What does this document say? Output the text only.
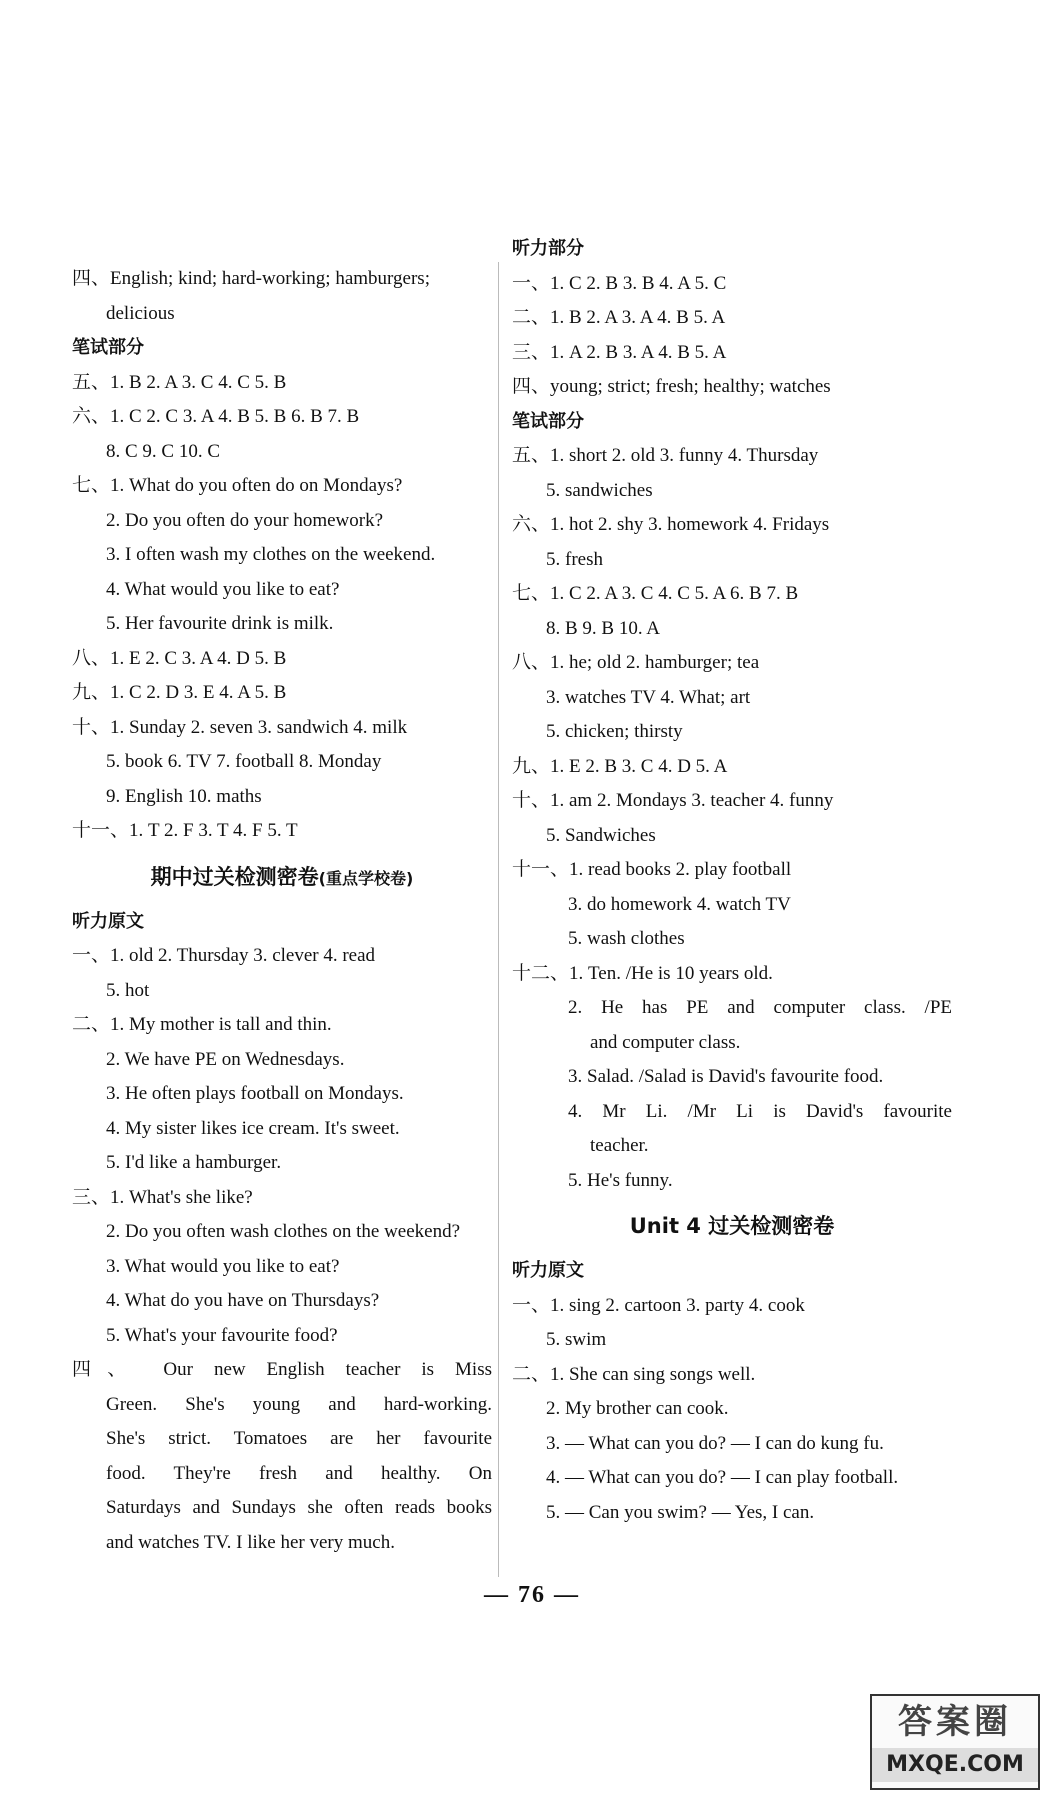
四、English; kind; hard-working; hamburgers;
delicious
笔试部分
五、1. B 2. A 3. C 4. C 5. B
六、1. C 2. C 3. A 4. B 5. B 6. B 7. B
8. C 9. C 10. C
七、1. What do you often do on Mondays?
2. Do you often do your homework?
3. I often wash my clothes on the weekend.
4. What would you like to eat?
5. Her favourite drink is milk.
八、1. E 2. C 3. A 4. D 5. B
九、1. C 2. D 3. E 4. A 5. B
十、1. Sunday 2. seven 3. sandwich 4. milk
5. book 6. TV 7. football 8. Monday
9. English 10. maths
十一、1. T 2. F 3. T 4. F 5. T
期中过关检测密卷(重点学校卷)
听力原文
一、1. old 2. Thursday 3. clever 4. read
5. hot
二、1. My mother is tall and thin.
2. We have PE on Wednesdays.
3. He often plays football on Mondays.
4. My sister likes ice cream. It's sweet.
5. I'd like a hamburger.
三、1. What's she like?
2. Do you often wash clothes on the weekend?
3. What would you like to eat?
4. What do you have on Thursdays?
5. What's your favourite food?
四、 Our new English teacher is Miss
Green. She's young and hard-working.
She's strict. Tomatoes are her favourite
food. They're fresh and healthy. On
Saturdays and Sundays she often reads books
and watches TV. I like her very much.
听力部分
一、1. C 2. B 3. B 4. A 5. C
二、1. B 2. A 3. A 4. B 5. A
三、1. A 2. B 3. A 4. B 5. A
四、young; strict; fresh; healthy; watches
笔试部分
五、1. short 2. old 3. funny 4. Thursday
5. sandwiches
六、1. hot 2. shy 3. homework 4. Fridays
5. fresh
七、1. C 2. A 3. C 4. C 5. A 6. B 7. B
8. B 9. B 10. A
八、1. he; old 2. hamburger; tea
3. watches TV 4. What; art
5. chicken; thirsty
九、1. E 2. B 3. C 4. D 5. A
十、1. am 2. Mondays 3. teacher 4. funny
5. Sandwiches
十一、1. read books 2. play football
3. do homework 4. watch TV
5. wash clothes
十二、1. Ten. /He is 10 years old.
2. He has PE and computer class. /PE
and computer class.
3. Salad. /Salad is David's favourite food.
4. Mr Li. /Mr Li is David's favourite
teacher.
5. He's funny.
Unit 4 过关检测密卷
听力原文
一、1. sing 2. cartoon 3. party 4. cook
5. swim
二、1. She can sing songs well.
2. My brother can cook.
3. — What can you do? — I can do kung fu.
4. — What can you do? — I can play football.
5. — Can you swim? — Yes, I can.
— 76 —
答案圈
MXQE.COM
